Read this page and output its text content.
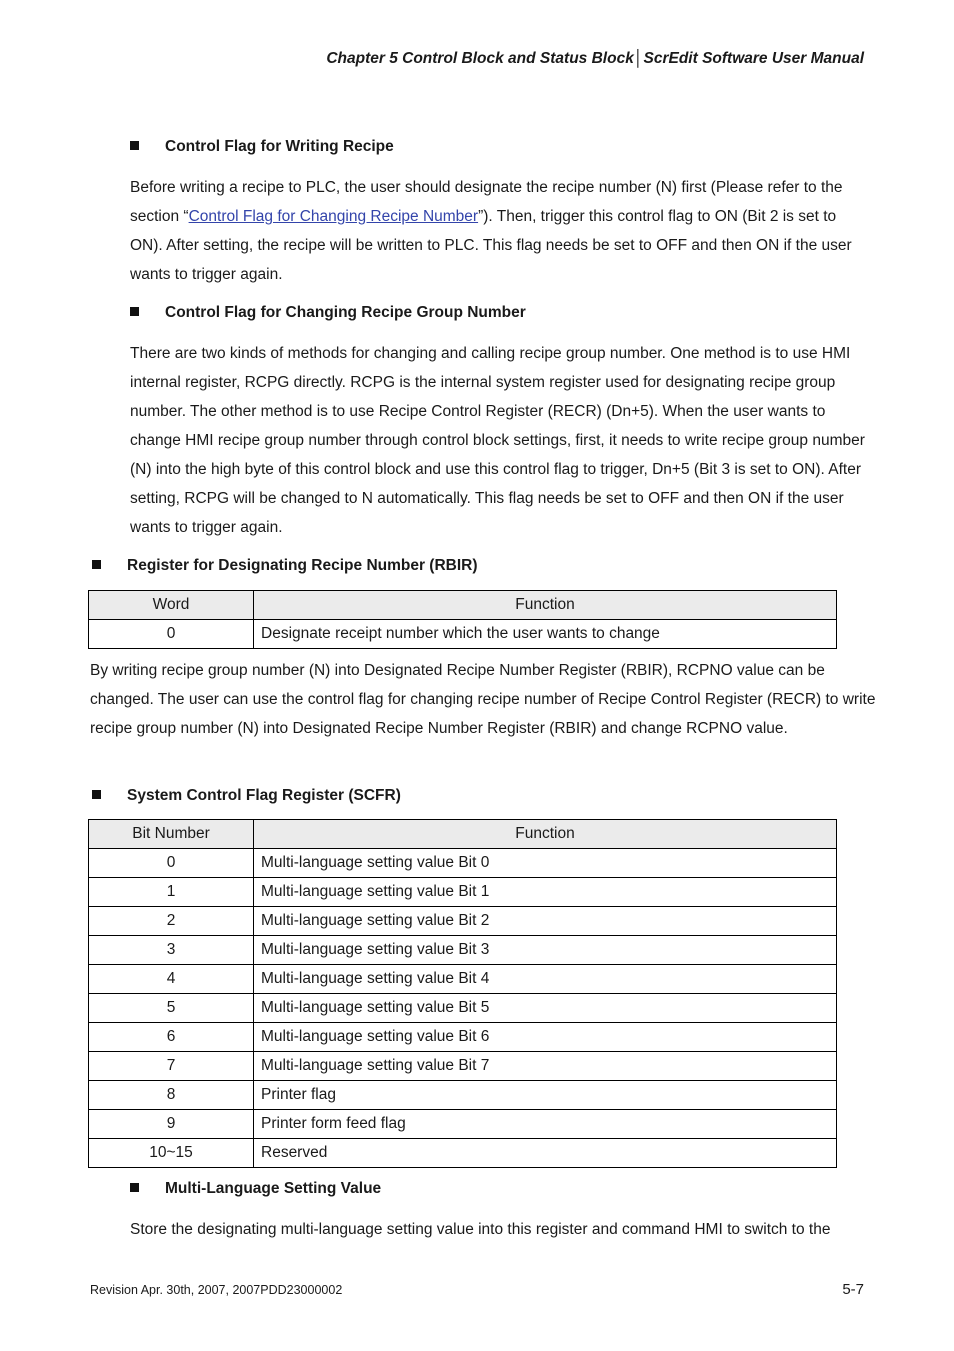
Chapter 5 Control Block and Status Block│ScrEdit Software User Manual
Control Flag for Writing Recipe
Before writing a recipe to PLC, the user should designate the recipe number (N) first (Please refer to the section “Control Flag for Changing Recipe Number”). Then, trigger this control flag to ON (Bit 2 is set to ON). After setting, the recipe will be written to PLC. This flag needs be set to OFF and then ON if the user wants to trigger again.
Control Flag for Changing Recipe Group Number
There are two kinds of methods for changing and calling recipe group number. One method is to use HMI internal register, RCPG directly. RCPG is the internal system register used for designating recipe group number. The other method is to use Recipe Control Register (RECR) (Dn+5). When the user wants to change HMI recipe group number through control block settings, first, it needs to write recipe group number (N) into the high byte of this control block and use this control flag to trigger, Dn+5 (Bit 3 is set to ON). After setting, RCPG will be changed to N automatically. This flag needs be set to OFF and then ON if the user wants to trigger again.
Register for Designating Recipe Number (RBIR)
Word	Function
0	Designate receipt number which the user wants to change
By writing recipe group number (N) into Designated Recipe Number Register (RBIR), RCPNO value can be changed. The user can use the control flag for changing recipe number of Recipe Control Register (RECR) to write recipe group number (N) into Designated Recipe Number Register (RBIR) and change RCPNO value.
System Control Flag Register (SCFR)
Bit Number	Function
0	Multi-language setting value Bit 0
1	Multi-language setting value Bit 1
2	Multi-language setting value Bit 2
3	Multi-language setting value Bit 3
4	Multi-language setting value Bit 4
5	Multi-language setting value Bit 5
6	Multi-language setting value Bit 6
7	Multi-language setting value Bit 7
8	Printer flag
9	Printer form feed flag
10~15	Reserved
Multi-Language Setting Value
Store the designating multi-language setting value into this register and command HMI to switch to the
Revision Apr. 30th, 2007, 2007PDD23000002	5-7
